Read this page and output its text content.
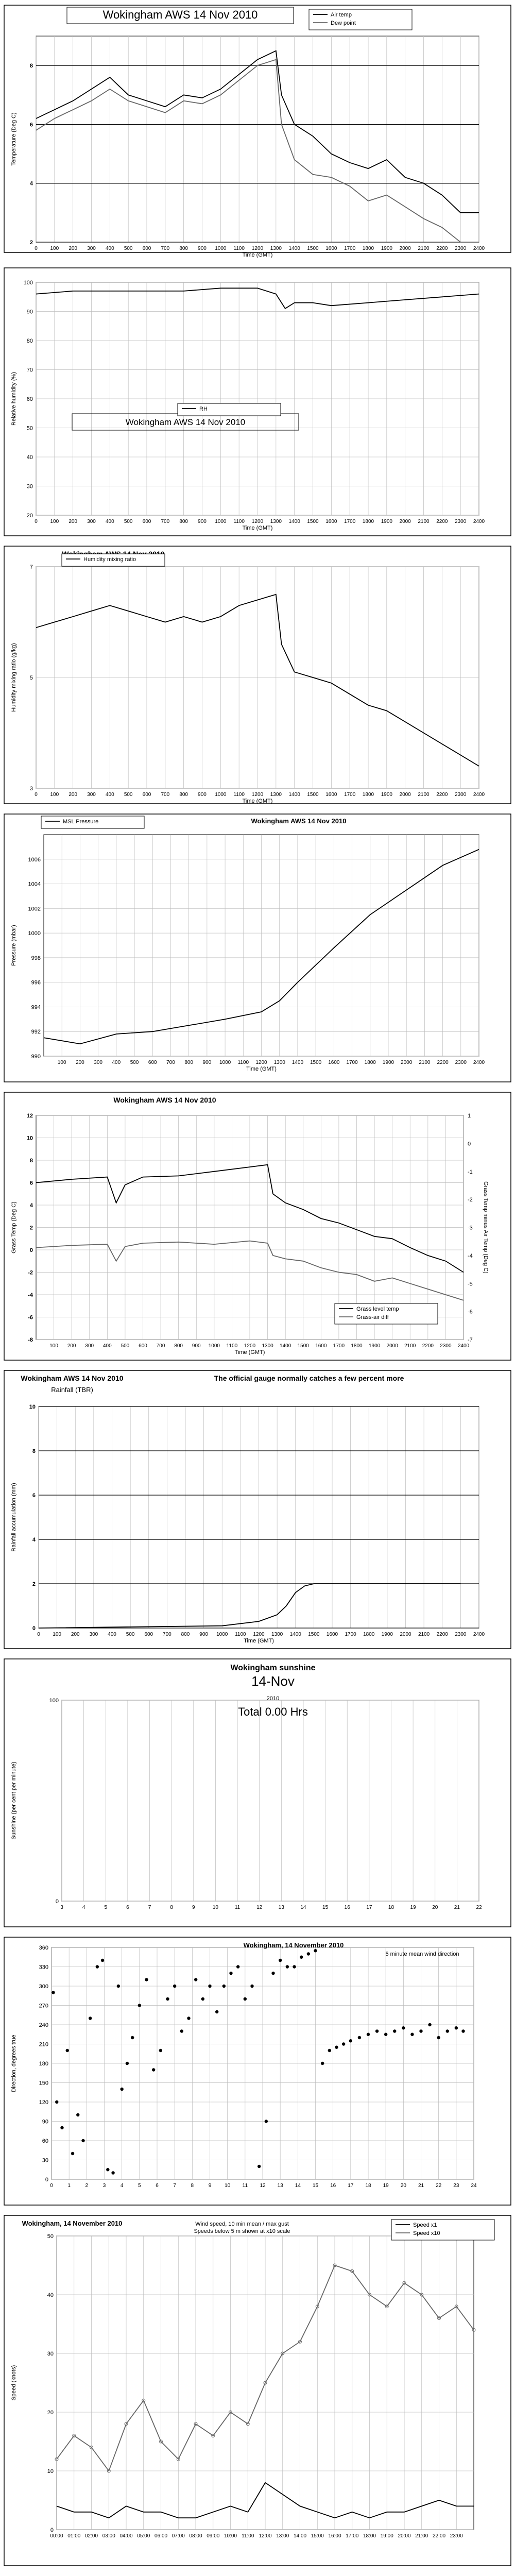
0 100 200 300 400 500 600 700 800 900 1000 1100 1200 1300 1400 1500 1600 1700 1800 1900 2000 2100 2200 2300 2400
2
4
6
8
Time (GMT)
Temperature (Deg C)
Wokingham AWS 14 Nov 2010	Air temp
Dew point
0 100 200 300 400 500 600 700 800 900 1000 1100 1200 1300 1400 1500 1600 1700 1800 1900 2000 2100 2200 2300 2400
20
30
40
50
60
70
80
90
100
Time (GMT)
Relative humidity (%)	Wokingham AWS 14 Nov 2010
RH
0 100 200 300 400 500 600 700 800 900 1000 1100 1200 1300 1400 1500 1600 1700 1800 1900 2000 2100 2200 2300 2400
3
5
7
Time (GMT)
Humidity mixing ratio (g/kg)
Humidity mixing ratio
100 200 300 400 500 600 700 800 900 1000 1100 1200 1300 1400 1500 1600 1700 1800 1900 2000 2100 2200 2300 2400
990
992
994
996
998
1000
1002
1004
1006
Time (GMT)
Pressure (mbar)
Wokingham AWS 14 Nov 2010
MSL Pressure
100 200 300 400 500 600 700 800 900 1000 1100 1200 1300 1400 1500 1600 1700 1800 1900 2000 2100 2200 2300 2400
-8
-6
-4
-2
0
2
4
6
8
10
12
-7
-6
-5
-4
-3
-2
-1
0
1
Grass Temp minus Air Temp (Deg C)
Time (GMT)
Grass Temp (Deg C)
Wokingham AWS 14 Nov 2010
Grass level temp
Grass-air diff
0 100 200 300 400 500 600 700 800 900 1000 1100 1200 1300 1400 1500 1600 1700 1800 1900 2000 2100 2200 2300 2400
0
2
4
6
8
10
Time (GMT)
Rainfall accumulation (mm)
Wokingham AWS 14 Nov 2010
Rainfall (TBR)
The official gauge normally catches a few percent more
3	4	5	6	7	8	9	10	11	12	13	14	15	16	17	18	19	20	21	22
0
100
Sunshine (per cent per minute)
Wokingham sunshine
14-Nov
2010
Total 0.00 Hrs
0	1	2	3	4	5	6	7	8	9	10 11 12 13 14 15 16 17 18 19 20 21 22 23 24
0
30
60
90
120
150
180
210
240
270
300
330
360
Direction, degrees true
Wokingham, 14 November 2010
5 minute mean wind direction
00:00 01:00 02:00 03:00 04:00 05:00 06:00 07:00 08:00 09:00 10:00 11:00 12:00 13:00 14:00 15:00 16:00 17:00 18:00 19:00 20:00 21:00 22:00 23:00
0
10
20
30
40
50
Speed (knots)
Wokingham, 14 November 2010	Wind speed, 10 min mean / max gust
Speeds below 5 m shown at x10 scale
Speed x1
Speed x10
